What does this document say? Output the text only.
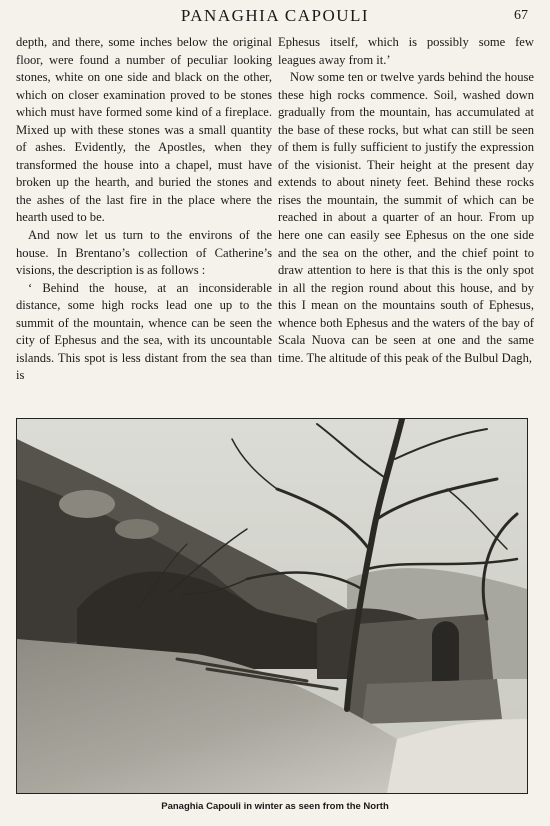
PANAGHIA CAPOULI	67

depth, and there, some inches below the original floor, were found a number of peculiar looking stones, white on one side and black on the other, which on closer examination proved to be stones which must have formed some kind of a fireplace. Mixed up with these stones was a small quantity of ashes. Evidently, the Apostles, when they transformed the house into a chapel, must have broken up the hearth, and buried the stones and the ashes of the last fire in the place where the hearth used to be.

And now let us turn to the environs of the house. In Brentano’s collection of Catherine’s visions, the description is as follows :

‘ Behind the house, at an inconsiderable distance, some high rocks lead one up to the summit of the mountain, whence can be seen the city of Ephesus and the sea, with its uncountable islands. This spot is less distant from the sea than is

Ephesus itself, which is possibly some few leagues away from it.’

Now some ten or twelve yards behind the house these high rocks commence. Soil, washed down gradually from the mountain, has accumulated at the base of these rocks, but what can still be seen of them is fully sufficient to justify the expression of the visionist. Their height at the present day extends to about ninety feet. Behind these rocks rises the mountain, the summit of which can be reached in about a quarter of an hour. From up here one can easily see Ephesus on the one side and the sea on the other, and the chief point to draw attention to here is that this is the only spot in all the region round about this house, and by this I mean on the mountains south of Ephesus, whence both Ephesus and the waters of the bay of Scala Nuova can be seen at one and the same time. The altitude of this peak of the Bulbul Dagh,

Panaghia Capouli in winter as seen from the North
